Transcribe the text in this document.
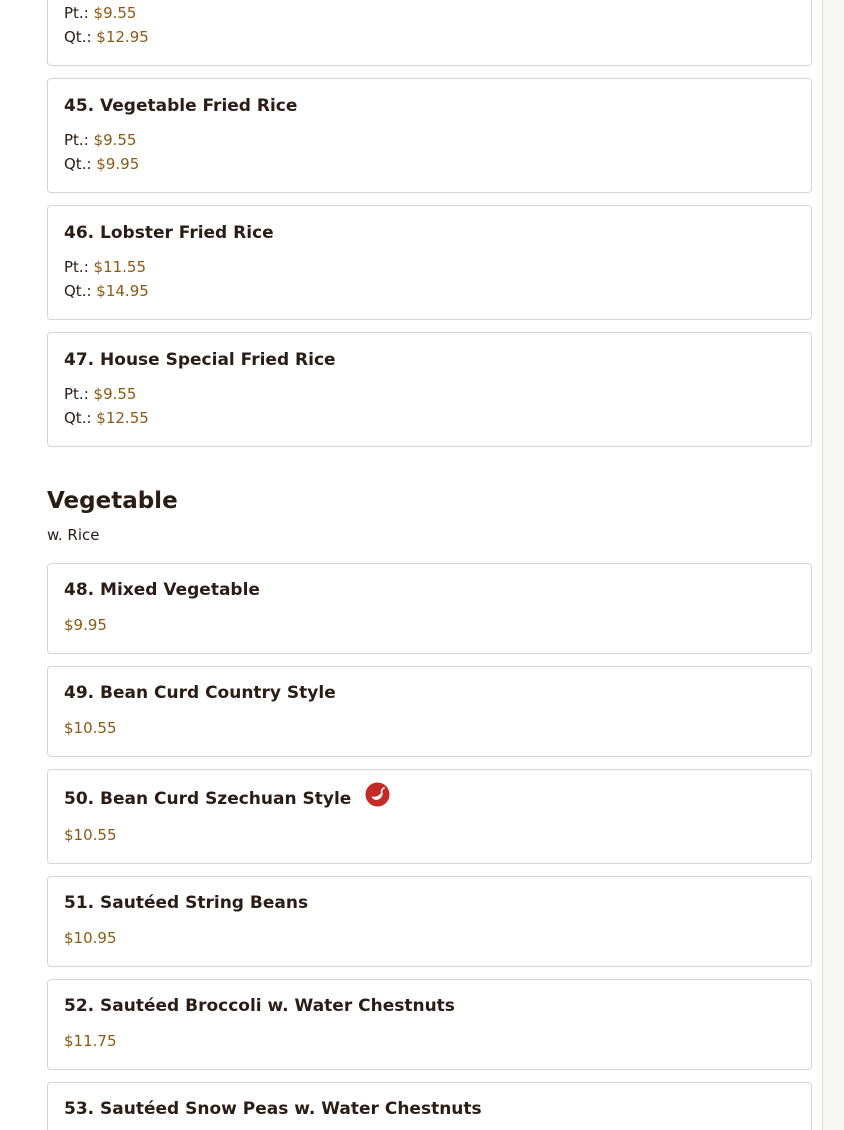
Pt.: $9.55
Qt.: $12.95
45. Vegetable Fried Rice
Pt.: $9.55
Qt.: $9.95
46. Lobster Fried Rice
Pt.: $11.55
Qt.: $14.95
47. House Special Fried Rice
Pt.: $9.55
Qt.: $12.55
Vegetable
w. Rice
48. Mixed Vegetable
$9.95
49. Bean Curd Country Style
$10.55
50. Bean Curd Szechuan Style
$10.55
51. Sautéed String Beans
$10.95
52. Sautéed Broccoli w. Water Chestnuts
$11.75
53. Sautéed Snow Peas w. Water Chestnuts
